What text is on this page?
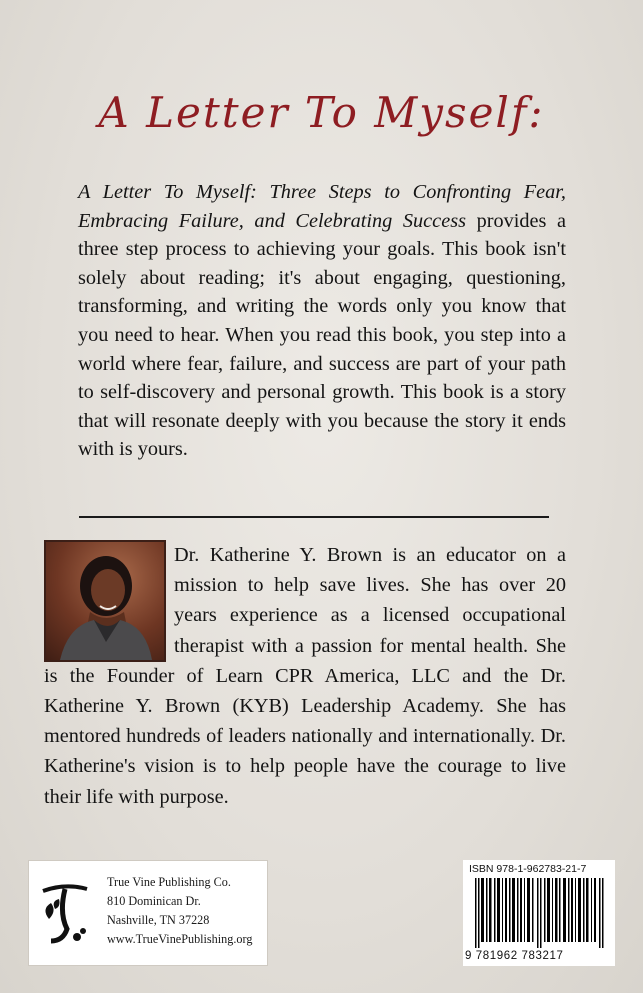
A Letter To Myself:
A Letter To Myself: Three Steps to Confronting Fear, Embracing Failure, and Celebrating Success provides a three step process to achieving your goals. This book isn't solely about reading; it's about engaging, questioning, transforming, and writing the words only you know that you need to hear. When you read this book, you step into a world where fear, failure, and success are part of your path to self-discovery and personal growth. This book is a story that will resonate deeply with you because the story it ends with is yours.
Dr. Katherine Y. Brown is an educator on a mission to help save lives. She has over 20 years experience as a licensed occupational therapist with a passion for mental health. She is the Founder of Learn CPR America, LLC and the Dr. Katherine Y. Brown (KYB) Leadership Academy. She has mentored hundreds of leaders nationally and internationally. Dr. Katherine's vision is to help people have the courage to live their life with purpose.
True Vine Publishing Co.
810 Dominican Dr.
Nashville, TN 37228
www.TrueVinePublishing.org
ISBN 978-1-962783-21-7
9 781962 783217
